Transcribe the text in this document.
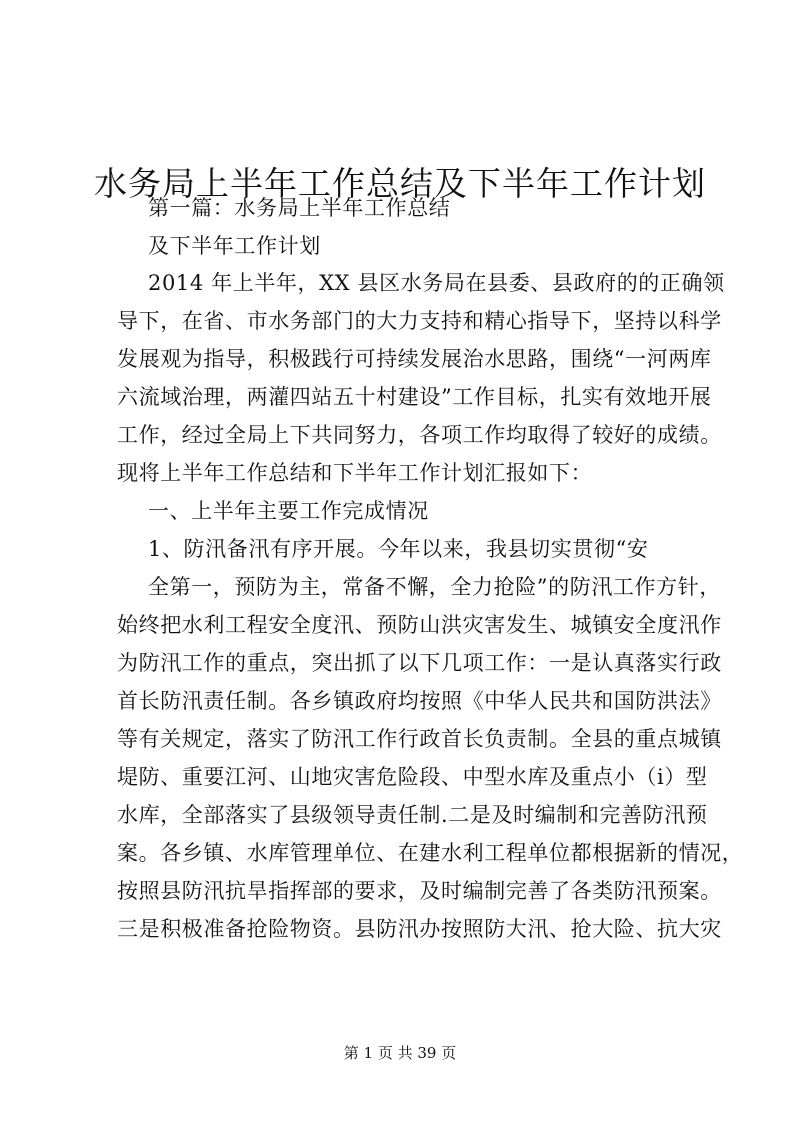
水务局上半年工作总结及下半年工作计划
第一篇：水务局上半年工作总结
及下半年工作计划
2014 年上半年，XX 县区水务局在县委、县政府的的正确领
导下，在省、市水务部门的大力支持和精心指导下，坚持以科学
发展观为指导，积极践行可持续发展治水思路，围绕“一河两库
六流域治理，两灌四站五十村建设”工作目标，扎实有效地开展
工作，经过全局上下共同努力，各项工作均取得了较好的成绩。
现将上半年工作总结和下半年工作计划汇报如下：
一、上半年主要工作完成情况
1、防汛备汛有序开展。今年以来，我县切实贯彻“安
全第一，预防为主，常备不懈，全力抢险”的防汛工作方针，
始终把水利工程安全度汛、预防山洪灾害发生、城镇安全度汛作
为防汛工作的重点，突出抓了以下几项工作：一是认真落实行政
首长防汛责任制。各乡镇政府均按照《中华人民共和国防洪法》
等有关规定，落实了防汛工作行政首长负责制。全县的重点城镇
堤防、重要江河、山地灾害危险段、中型水库及重点小（i）型
水库，全部落实了县级领导责任制.二是及时编制和完善防汛预
案。各乡镇、水库管理单位、在建水利工程单位都根据新的情况，
按照县防汛抗旱指挥部的要求，及时编制完善了各类防汛预案。
三是积极准备抢险物资。县防汛办按照防大汛、抢大险、抗大灾
第 1 页 共 39 页
